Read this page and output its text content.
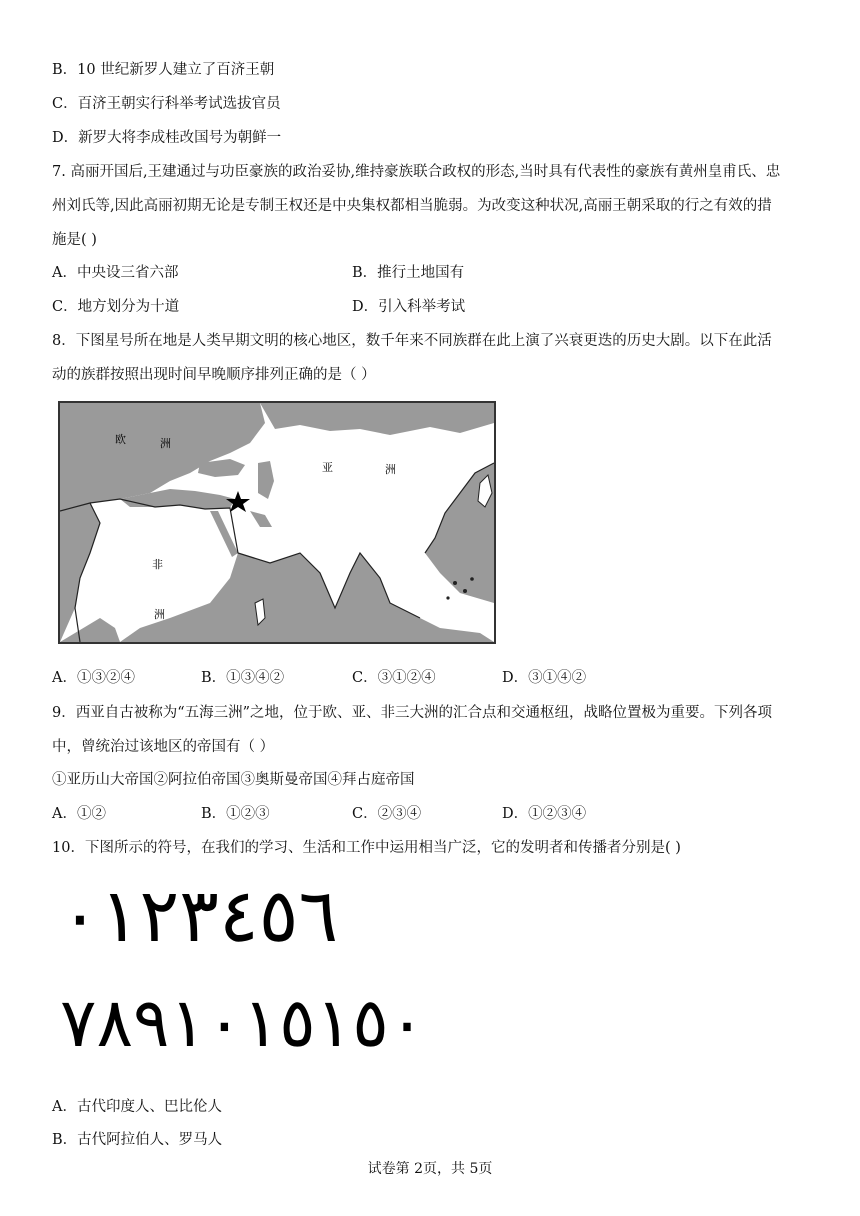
B．10 世纪新罗人建立了百济王朝
C．百济王朝实行科举考试选拔官员
D．新罗大将李成桂改国号为朝鲜一
7. 高丽开国后,王建通过与功臣豪族的政治妥协,维持豪族联合政权的形态,当时具有代表性的豪族有黄州皇甫氏、忠
州刘氏等,因此高丽初期无论是专制王权还是中央集权都相当脆弱。为改变这种状况,高丽王朝采取的行之有效的措
施是( )
A．中央设三省六部	B．推行土地国有
C．地方划分为十道	D．引入科举考试
8．下图星号所在地是人类早期文明的核心地区，数千年来不同族群在此上演了兴衰更迭的历史大剧。以下在此活
动的族群按照出现时间早晚顺序排列正确的是（ ）
欧	洲
亚	洲
非
洲
A．①③②④	B．①③④②	C．③①②④	D．③①④②
9．西亚自古被称为“五海三洲”之地，位于欧、亚、非三大洲的汇合点和交通枢纽，战略位置极为重要。下列各项
中，曾统治过该地区的帝国有（ ）
①亚历山大帝国②阿拉伯帝国③奥斯曼帝国④拜占庭帝国
A．①②	B．①②③	C．②③④	D．①②③④
10．下图所示的符号，在我们的学习、生活和工作中运用相当广泛，它的发明者和传播者分别是( )
٠١٢٣٤٥٦
٧٨٩١٠١٥١٥٠
A．古代印度人、巴比伦人
B．古代阿拉伯人、罗马人
试卷第 2页，共 5页
